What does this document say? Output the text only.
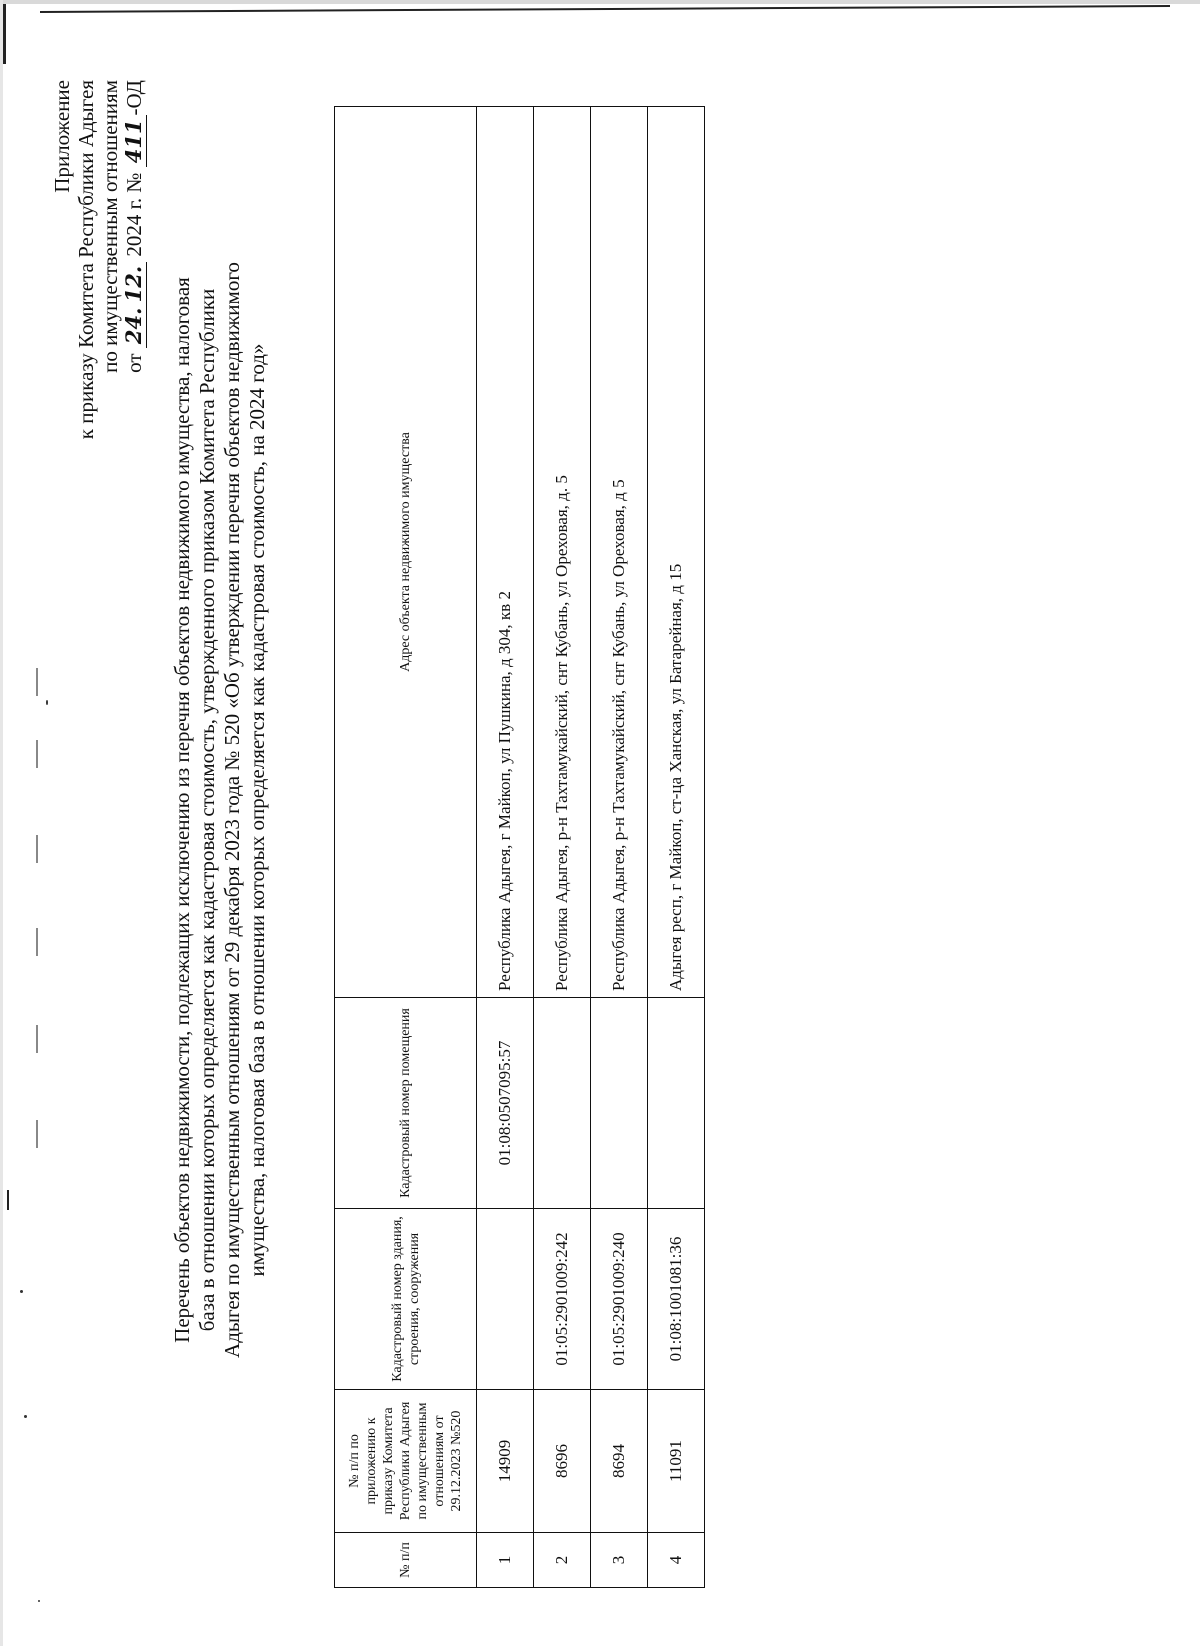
Приложение к приказу Комитета Республики Адыгея по имущественным отношениям от 24. 12. 2024 г. № 411-ОД
Перечень объектов недвижимости, подлежащих исключению из перечня объектов недвижимого имущества, налоговая база в отношении которых определяется как кадастровая стоимость, утвержденного приказом Комитета Республики Адыгея по имущественным отношениям от 29 декабря 2023 года № 520 «Об утверждении перечня объектов недвижимого имущества, налоговая база в отношении которых определяется как кадастровая стоимость, на 2024 год»
№ п/п	№ п/п по приложению к приказу Комитета Республики Адыгея по имущественным отношениям от 29.12.2023 №520	Кадастровый номер здания, строения, сооружения	Кадастровый номер помещения	Адрес объекта недвижимого имущества
1	14909		01:08:0507095:57	Республика Адыгея, г Майкоп, ул Пушкина, д 304, кв 2
2	8696	01:05:2901009:242		Республика Адыгея, р-н Тахтамукайский, снт Кубань, ул Ореховая, д. 5
3	8694	01:05:2901009:240		Республика Адыгея, р-н Тахтамукайский, снт Кубань, ул Ореховая, д 5
4	11091	01:08:1001081:36		Адыгея респ, г Майкоп, ст-ца Ханская, ул Батарейная, д 15
